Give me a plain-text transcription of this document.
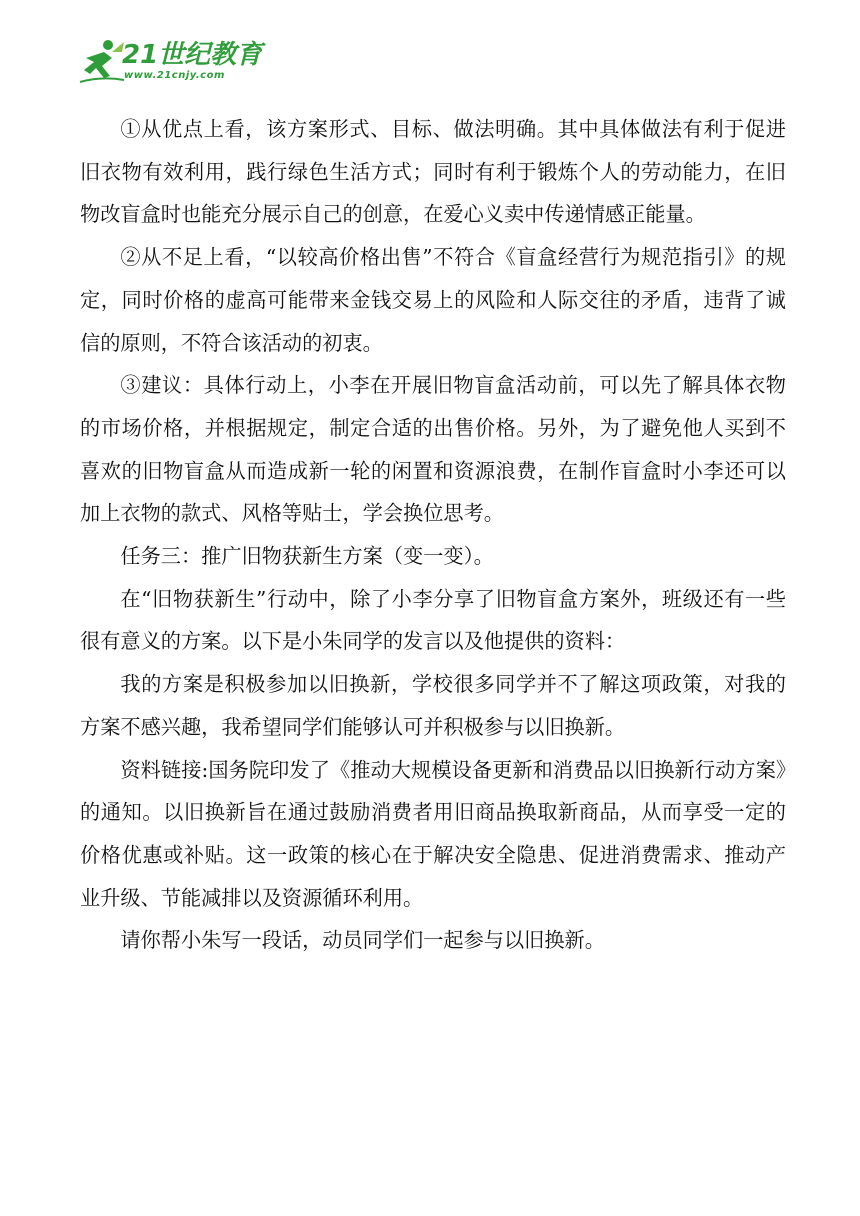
21世纪教育
www.21cnjy.com

①从优点上看，该方案形式、目标、做法明确。其中具体做法有利于促进旧衣物有效利用，践行绿色生活方式；同时有利于锻炼个人的劳动能力，在旧物改盲盒时也能充分展示自己的创意，在爱心义卖中传递情感正能量。

②从不足上看，“以较高价格出售”不符合《盲盒经营行为规范指引》的规定，同时价格的虚高可能带来金钱交易上的风险和人际交往的矛盾，违背了诚信的原则，不符合该活动的初衷。

③建议：具体行动上，小李在开展旧物盲盒活动前，可以先了解具体衣物的市场价格，并根据规定，制定合适的出售价格。另外，为了避免他人买到不喜欢的旧物盲盒从而造成新一轮的闲置和资源浪费，在制作盲盒时小李还可以加上衣物的款式、风格等贴士，学会换位思考。

任务三：推广旧物获新生方案（变一变）。

在“旧物获新生”行动中，除了小李分享了旧物盲盒方案外，班级还有一些很有意义的方案。以下是小朱同学的发言以及他提供的资料：

我的方案是积极参加以旧换新，学校很多同学并不了解这项政策，对我的方案不感兴趣，我希望同学们能够认可并积极参与以旧换新。

资料链接:国务院印发了《推动大规模设备更新和消费品以旧换新行动方案》的通知。以旧换新旨在通过鼓励消费者用旧商品换取新商品，从而享受一定的价格优惠或补贴。这一政策的核心在于解决安全隐患、促进消费需求、推动产业升级、节能减排以及资源循环利用。

请你帮小朱写一段话，动员同学们一起参与以旧换新。
